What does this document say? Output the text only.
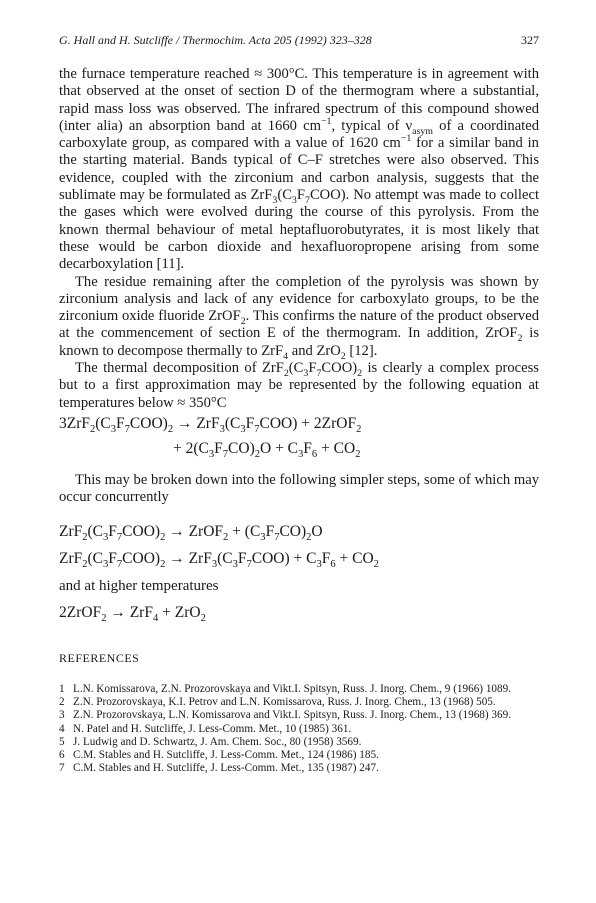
G. Hall and H. Sutcliffe / Thermochim. Acta 205 (1992) 323–328	327

the furnace temperature reached ≈ 300°C. This temperature is in agreement with that observed at the onset of section D of the thermogram where a substantial, rapid mass loss was observed. The infrared spectrum of this compound showed (inter alia) an absorption band at 1660 $cm^{-1}$, typical of $\nu_{asym}$ of a coordinated carboxylate group, as compared with a value of 1620 $cm^{-1}$ for a similar band in the starting material. Bands typical of C–F stretches were also observed. This evidence, coupled with the zirconium and carbon analysis, suggests that the sublimate may be formulated as $ZrF_3(C_3F_7COO)$. No attempt was made to collect the gases which were evolved during the course of this pyrolysis. From the known thermal behaviour of metal heptafluorobutyrates, it is most likely that these would be carbon dioxide and hexafluoropropene arising from some decarboxylation [11].

The residue remaining after the completion of the pyrolysis was shown by zirconium analysis and lack of any evidence for carboxylato groups, to be the zirconium oxide fluoride ZrOF$_2$. This confirms the nature of the product observed at the commencement of section E of the thermogram. In addition, ZrOF$_2$ is known to decompose thermally to ZrF$_4$ and ZrO$_2$ [12].

The thermal decomposition of $ZrF_2(C_3F_7COO)_2$ is clearly a complex process but to a first approximation may be represented by the following equation at temperatures below ≈ 350°C

$3ZrF_2(C_3F_7COO)_2 \to ZrF_3(C_3F_7COO)$ + 2ZrOF$_2$
+ $2(C_3F_7CO)_2O + C_3F_6 + CO_2$

This may be broken down into the following simpler steps, some of which may occur concurrently

$ZrF_2(C_3F_7COO)_2$ → ZrOF$_2$ + $(C_3F_7CO)_2O$
$ZrF_2(C_3F_7COO)_2 \to ZrF_3(C_3F_7COO) + C_3F_6 + CO_2$

and at higher temperatures

2ZrOF$_2$ → ZrF$_4$ + ZrO$_2$
REFERENCES
1 L.N. Komissarova, Z.N. Prozorovskaya and Vikt.I. Spitsyn, Russ. J. Inorg. Chem., 9 (1966) 1089.
2 Z.N. Prozorovskaya, K.I. Petrov and L.N. Komissarova, Russ. J. Inorg. Chem., 13 (1968) 505.
3 Z.N. Prozorovskaya, L.N. Komissarova and Vikt.I. Spitsyn, Russ. J. Inorg. Chem., 13 (1968) 369.
4 N. Patel and H. Sutcliffe, J. Less-Comm. Met., 10 (1985) 361.
5 J. Ludwig and D. Schwartz, J. Am. Chem. Soc., 80 (1958) 3569.
6 C.M. Stables and H. Sutcliffe, J. Less-Comm. Met., 124 (1986) 185.
7 C.M. Stables and H. Sutcliffe, J. Less-Comm. Met., 135 (1987) 247.
